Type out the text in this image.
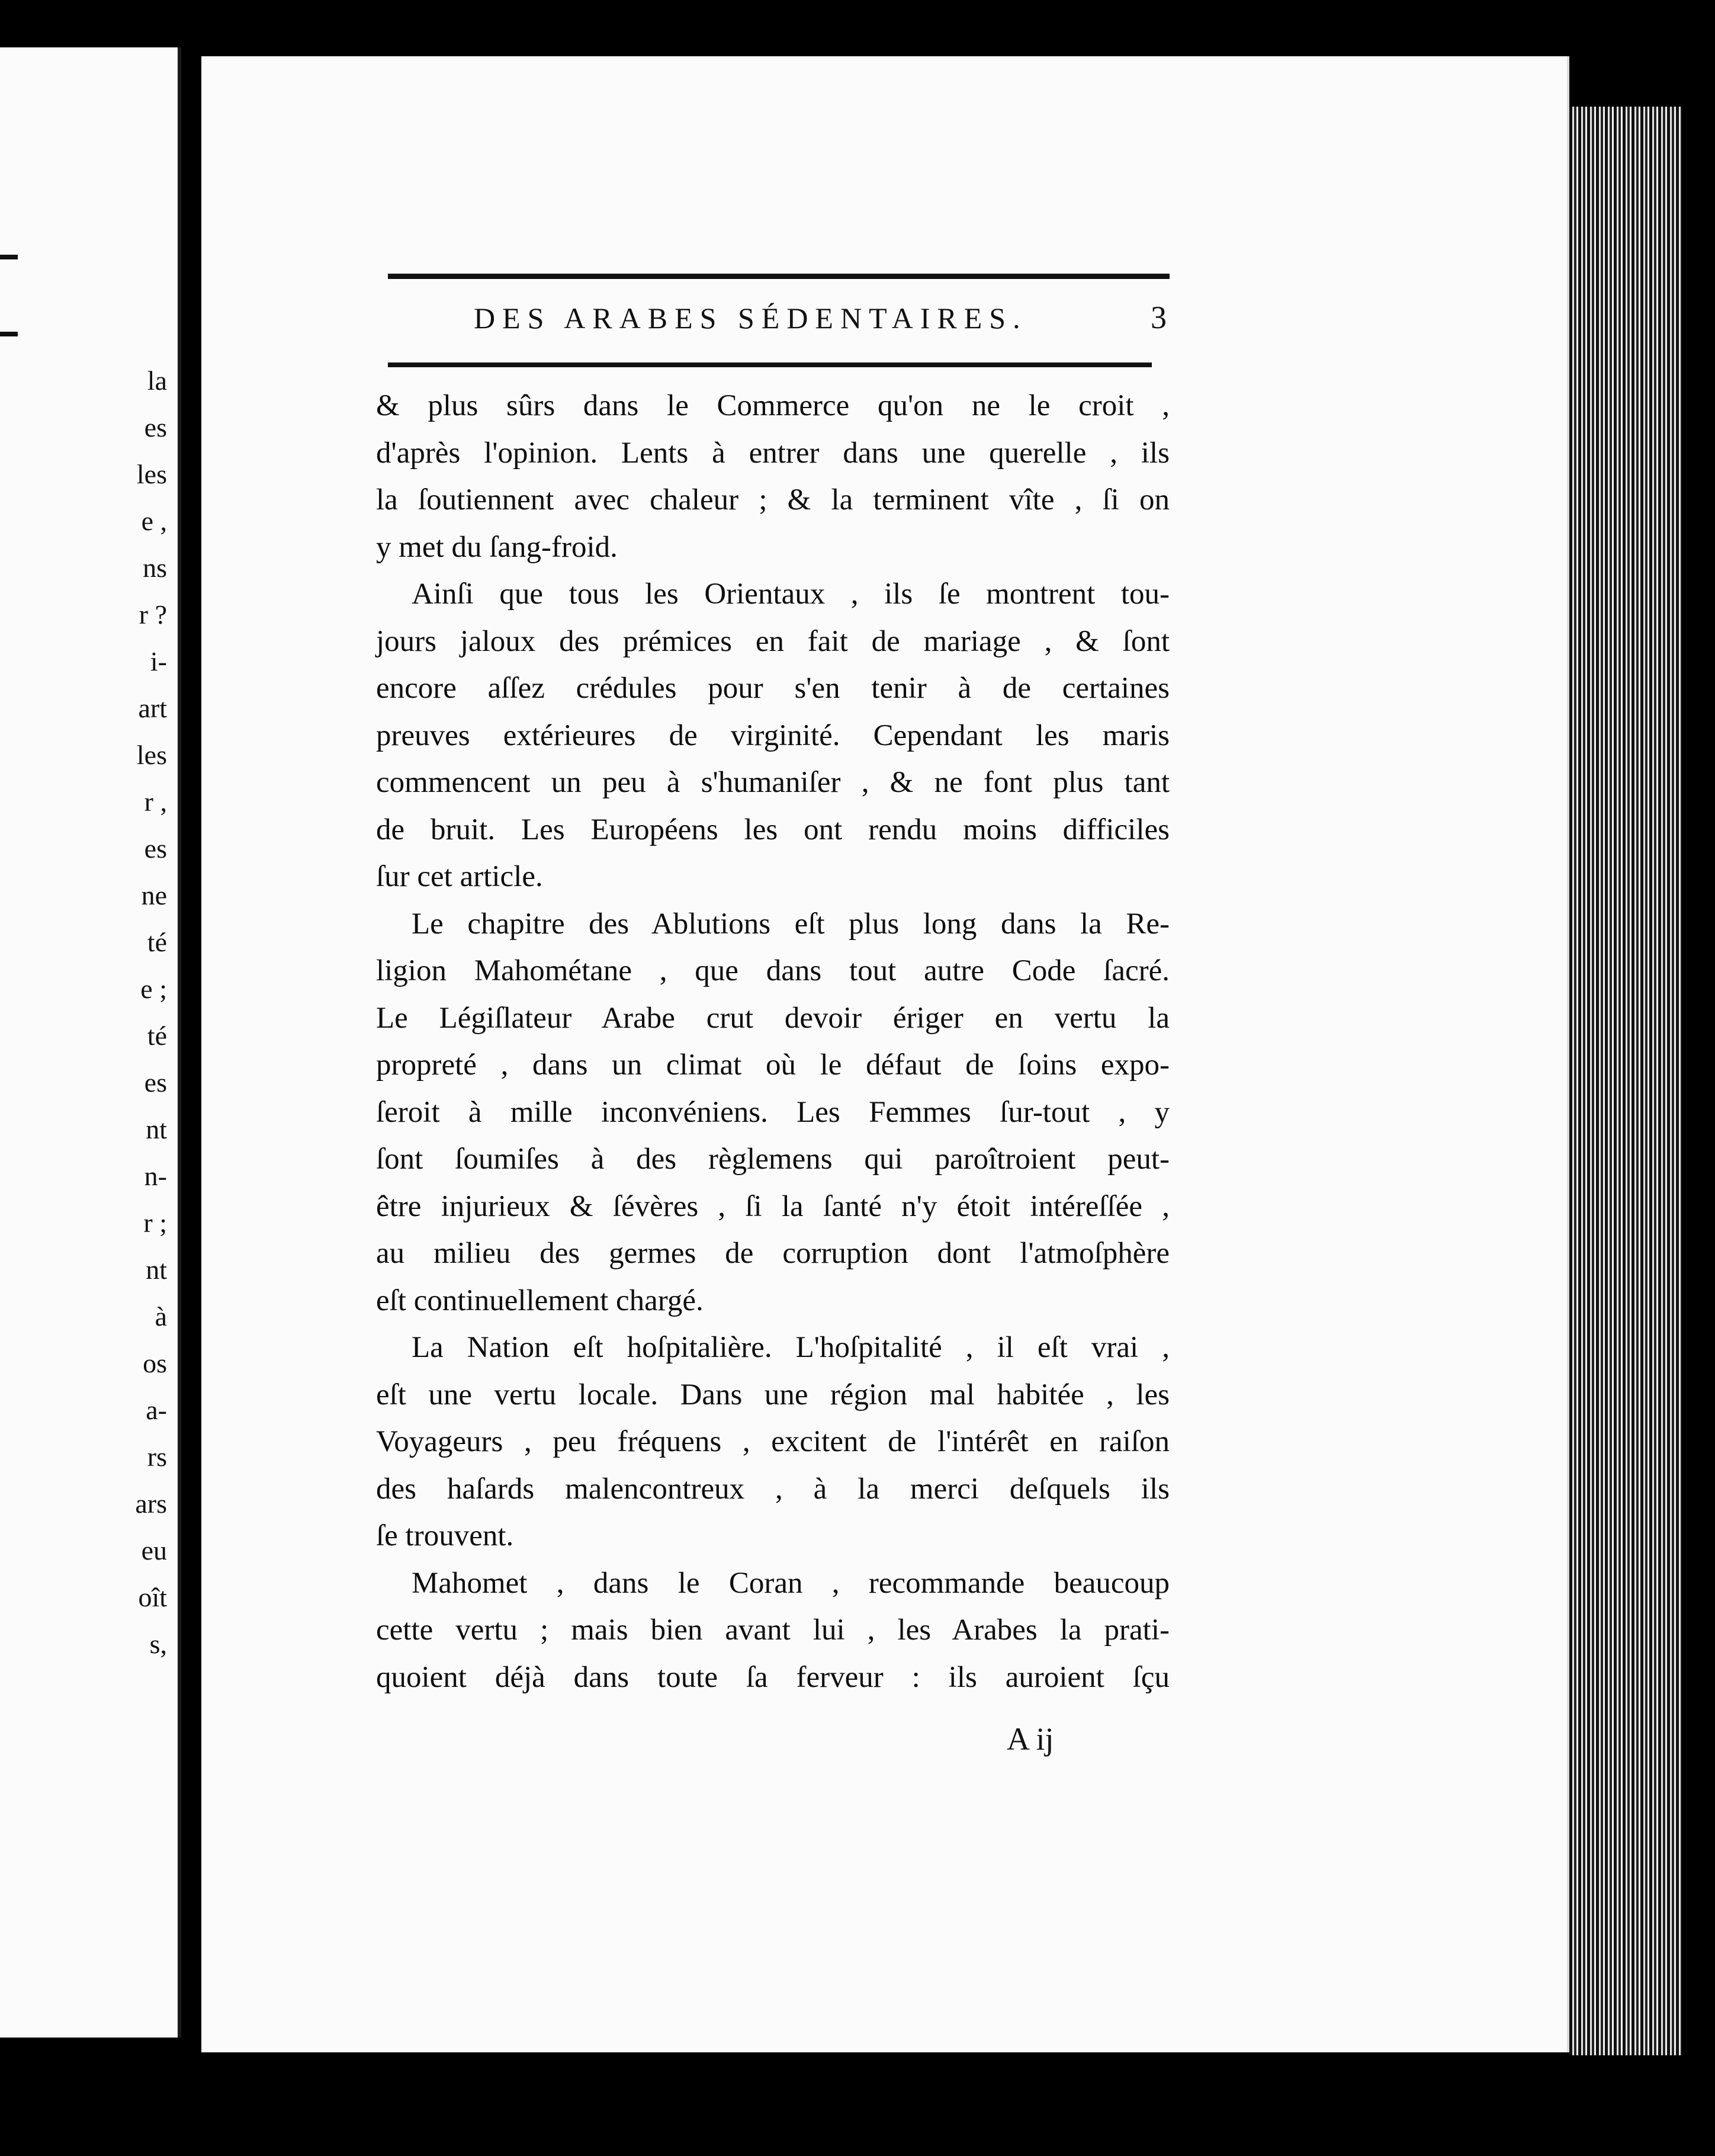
la
es
les
e ,
ns
r ?
i-
art
les
r ,
es
ne
té
e ;
té
es
nt
n-
r ;
nt
à
os
a-
rs
ars
eu
oît
s,
DES ARABES SÉDENTAIRES.	3
& plus sûrs dans le Commerce qu'on ne le croit ,
d'après l'opinion. Lents à entrer dans une querelle , ils
la ſoutiennent avec chaleur ; & la terminent vîte , ſi on
y met du ſang-froid.
Ainſi que tous les Orientaux , ils ſe montrent tou-
jours jaloux des prémices en fait de mariage , & ſont
encore aſſez crédules pour s'en tenir à de certaines
preuves extérieures de virginité. Cependant les maris
commencent un peu à s'humaniſer , & ne font plus tant
de bruit. Les Européens les ont rendu moins difficiles
ſur cet article.
Le chapitre des Ablutions eſt plus long dans la Re-
ligion Mahométane , que dans tout autre Code ſacré.
Le Légiſlateur Arabe crut devoir ériger en vertu la
propreté , dans un climat où le défaut de ſoins expo-
ſeroit à mille inconvéniens. Les Femmes ſur-tout , y
ſont ſoumiſes à des règlemens qui paroîtroient peut-
être injurieux & ſévères , ſi la ſanté n'y étoit intéreſſée ,
au milieu des germes de corruption dont l'atmoſphère
eſt continuellement chargé.
La Nation eſt hoſpitalière. L'hoſpitalité , il eſt vrai ,
eſt une vertu locale. Dans une région mal habitée , les
Voyageurs , peu fréquens , excitent de l'intérêt en raiſon
des haſards malencontreux , à la merci deſquels ils
ſe trouvent.
Mahomet , dans le Coran , recommande beaucoup
cette vertu ; mais bien avant lui , les Arabes la prati-
quoient déjà dans toute ſa ferveur : ils auroient ſçu
A ij
